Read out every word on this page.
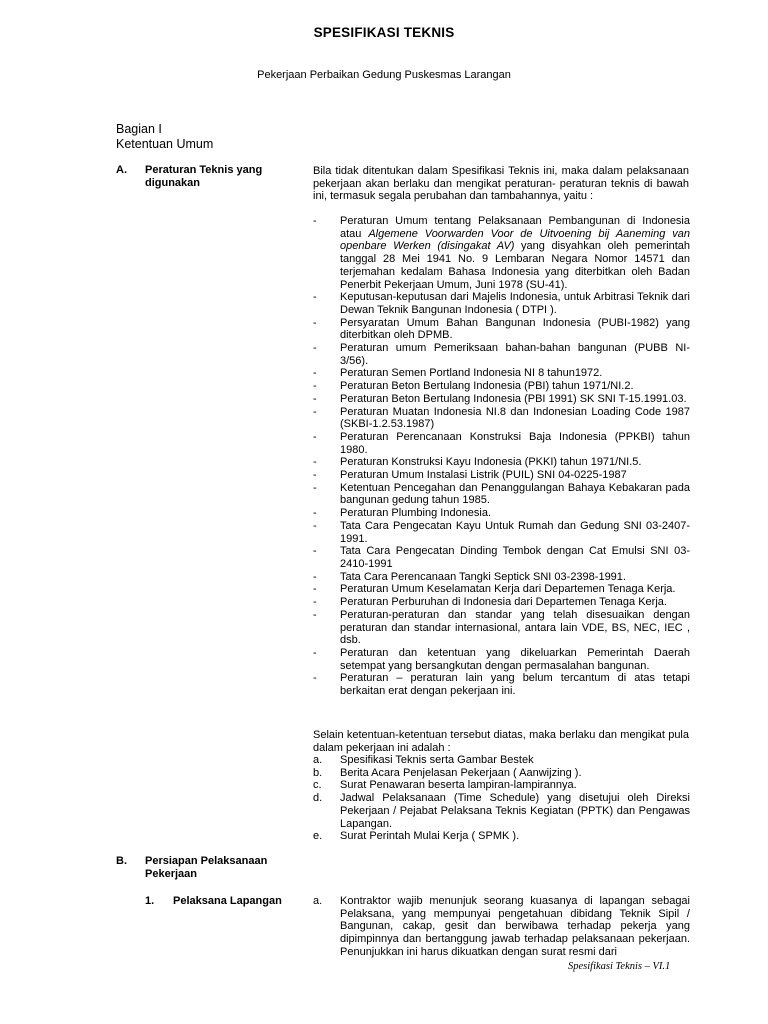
SPESIFIKASI TEKNIS
Pekerjaan Perbaikan Gedung Puskesmas Larangan
Bagian I
Ketentuan Umum
A. Peraturan Teknis yang
digunakan
Bila tidak ditentukan dalam Spesifikasi Teknis ini, maka dalam pelaksanaan pekerjaan akan berlaku dan mengikat peraturan- peraturan teknis di bawah ini, termasuk segala perubahan dan tambahannya, yaitu :
- Peraturan Umum tentang Pelaksanaan Pembangunan di Indonesia atau Algemene Voorwarden Voor de Uitvoening bij Aaneming van openbare Werken (disingakat AV) yang disyahkan oleh pemerintah tanggal 28 Mei 1941 No. 9 Lembaran Negara Nomor 14571 dan terjemahan kedalam Bahasa Indonesia yang diterbitkan oleh Badan Penerbit Pekerjaan Umum, Juni 1978 (SU-41).
- Keputusan-keputusan dari Majelis Indonesia, untuk Arbitrasi Teknik dari Dewan Teknik Bangunan Indonesia ( DTPI ).
- Persyaratan Umum Bahan Bangunan Indonesia (PUBI-1982) yang diterbitkan oleh DPMB.
- Peraturan umum Pemeriksaan bahan-bahan bangunan (PUBB NI-3/56).
- Peraturan Semen Portland Indonesia NI 8 tahun1972.
- Peraturan Beton Bertulang Indonesia (PBI) tahun 1971/NI.2.
- Peraturan Beton Bertulang Indonesia (PBI 1991) SK SNI T-15.1991.03.
- Peraturan Muatan Indonesia NI.8 dan Indonesian Loading Code 1987 (SKBI-1.2.53.1987)
- Peraturan Perencanaan Konstruksi Baja Indonesia (PPKBI) tahun 1980.
- Peraturan Konstruksi Kayu Indonesia (PKKI) tahun 1971/NI.5.
- Peraturan Umum Instalasi Listrik (PUIL) SNI 04-0225-1987
- Ketentuan Pencegahan dan Penanggulangan Bahaya Kebakaran pada bangunan gedung tahun 1985.
- Peraturan Plumbing Indonesia.
- Tata Cara Pengecatan Kayu Untuk Rumah dan Gedung SNI 03-2407-1991.
- Tata Cara Pengecatan Dinding Tembok dengan Cat Emulsi SNI 03-2410-1991
- Tata Cara Perencanaan Tangki Septick SNI 03-2398-1991.
- Peraturan Umum Keselamatan Kerja dari Departemen Tenaga Kerja.
- Peraturan Perburuhan di Indonesia dari Departemen Tenaga Kerja.
- Peraturan-peraturan dan standar yang telah disesuaikan dengan peraturan dan standar internasional, antara lain VDE, BS, NEC, IEC , dsb.
- Peraturan dan ketentuan yang dikeluarkan Pemerintah Daerah setempat yang bersangkutan dengan permasalahan bangunan.
- Peraturan – peraturan lain yang belum tercantum di atas tetapi berkaitan erat dengan pekerjaan ini.
Selain ketentuan-ketentuan tersebut diatas, maka berlaku dan mengikat pula dalam pekerjaan ini adalah :
a. Spesifikasi Teknis serta Gambar Bestek
b. Berita Acara Penjelasan Pekerjaan ( Aanwijzing ).
c. Surat Penawaran beserta lampiran-lampirannya.
d. Jadwal Pelaksanaan (Time Schedule) yang disetujui oleh Direksi Pekerjaan / Pejabat Pelaksana Teknis Kegiatan (PPTK) dan Pengawas Lapangan.
e. Surat Perintah Mulai Kerja ( SPMK ).
B. Persiapan Pelaksanaan
Pekerjaan
1. Pelaksana Lapangan	a. Kontraktor wajib menunjuk seorang kuasanya di lapangan sebagai Pelaksana, yang mempunyai pengetahuan dibidang Teknik Sipil / Bangunan, cakap, gesit dan berwibawa terhadap pekerja yang dipimpinnya dan bertanggung jawab terhadap pelaksanaan pekerjaan. Penunjukkan ini harus dikuatkan dengan surat resmi dari
Spesifikasi Teknis – VI.1
